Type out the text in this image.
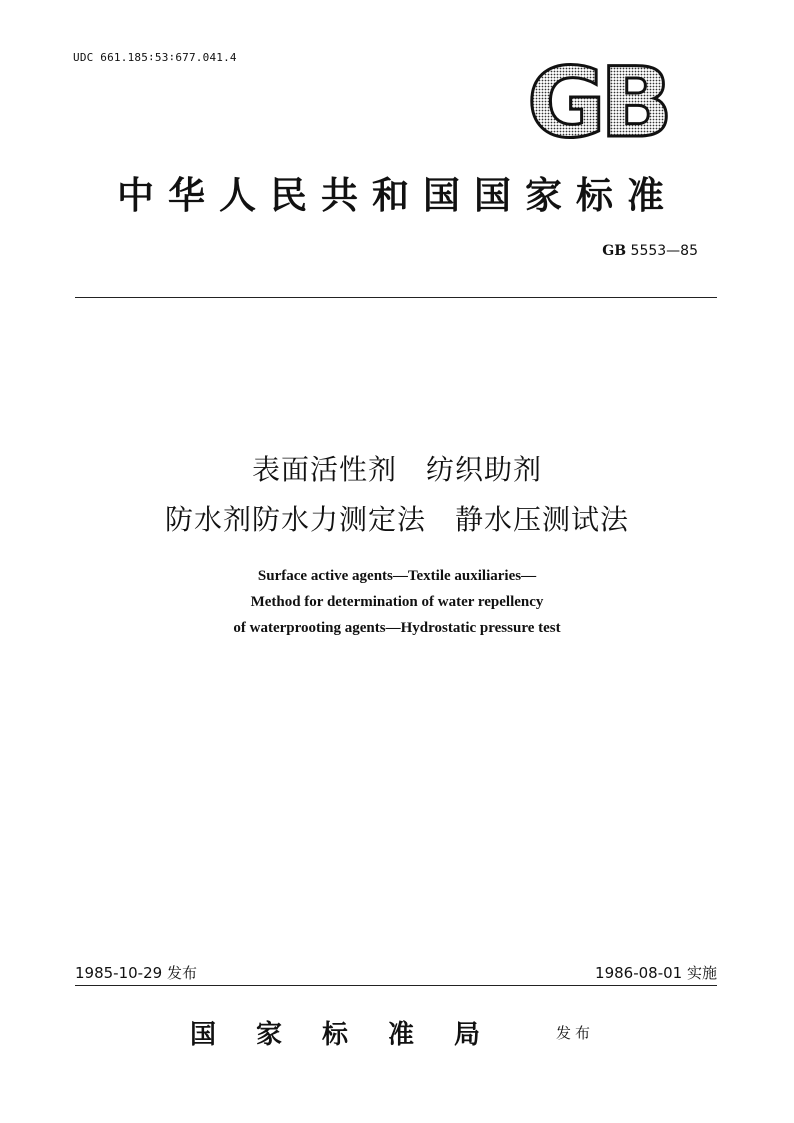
UDC 661.185∶53∶677.041.4	GB
中华人民共和国国家标准
GB 5553—85
表面活性剂　纺织助剂
防水剂防水力测定法　静水压测试法
Surface active agents—Textile auxiliaries—
Method for determination of water repellency
of waterprooting agents—Hydrostatic pressure test
1985-10-29 发布	1986-08-01 实施
国家标准局 发布
